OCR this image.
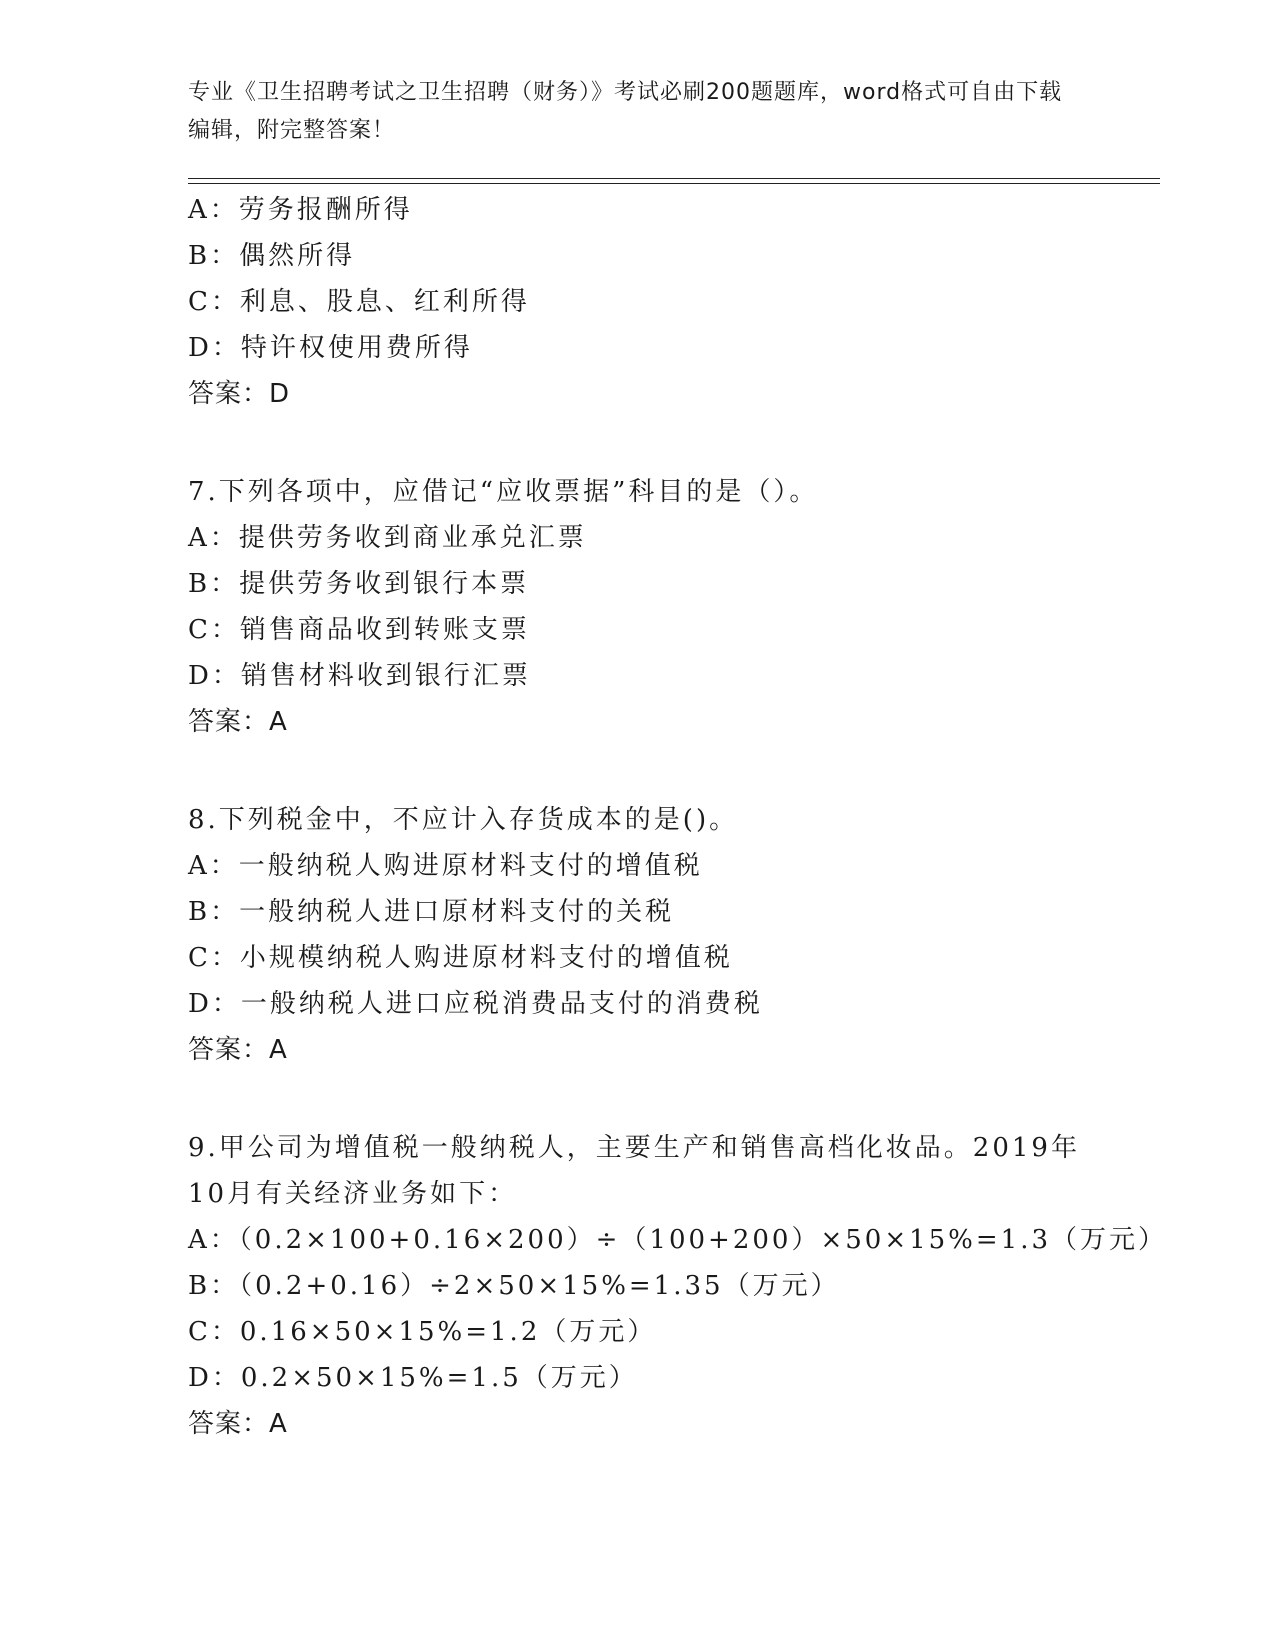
专业《卫生招聘考试之卫生招聘（财务）》考试必刷200题题库，word格式可自由下载编辑，附完整答案！
A：劳务报酬所得
B：偶然所得
C：利息、股息、红利所得
D：特许权使用费所得
答案：D
7.下列各项中，应借记“应收票据”科目的是（）。
A：提供劳务收到商业承兑汇票
B：提供劳务收到银行本票
C：销售商品收到转账支票
D：销售材料收到银行汇票
答案：A
8.下列税金中，不应计入存货成本的是()。
A：一般纳税人购进原材料支付的增值税
B：一般纳税人进口原材料支付的关税
C：小规模纳税人购进原材料支付的增值税
D：一般纳税人进口应税消费品支付的消费税
答案：A
9.甲公司为增值税一般纳税人，主要生产和销售高档化妆品。2019年10月有关经济业务如下：
A：（0.2×100+0.16×200）÷（100+200）×50×15%=1.3（万元）
B：（0.2+0.16）÷2×50×15%=1.35（万元）
C：0.16×50×15%=1.2（万元）
D：0.2×50×15%=1.5（万元）
答案：A
